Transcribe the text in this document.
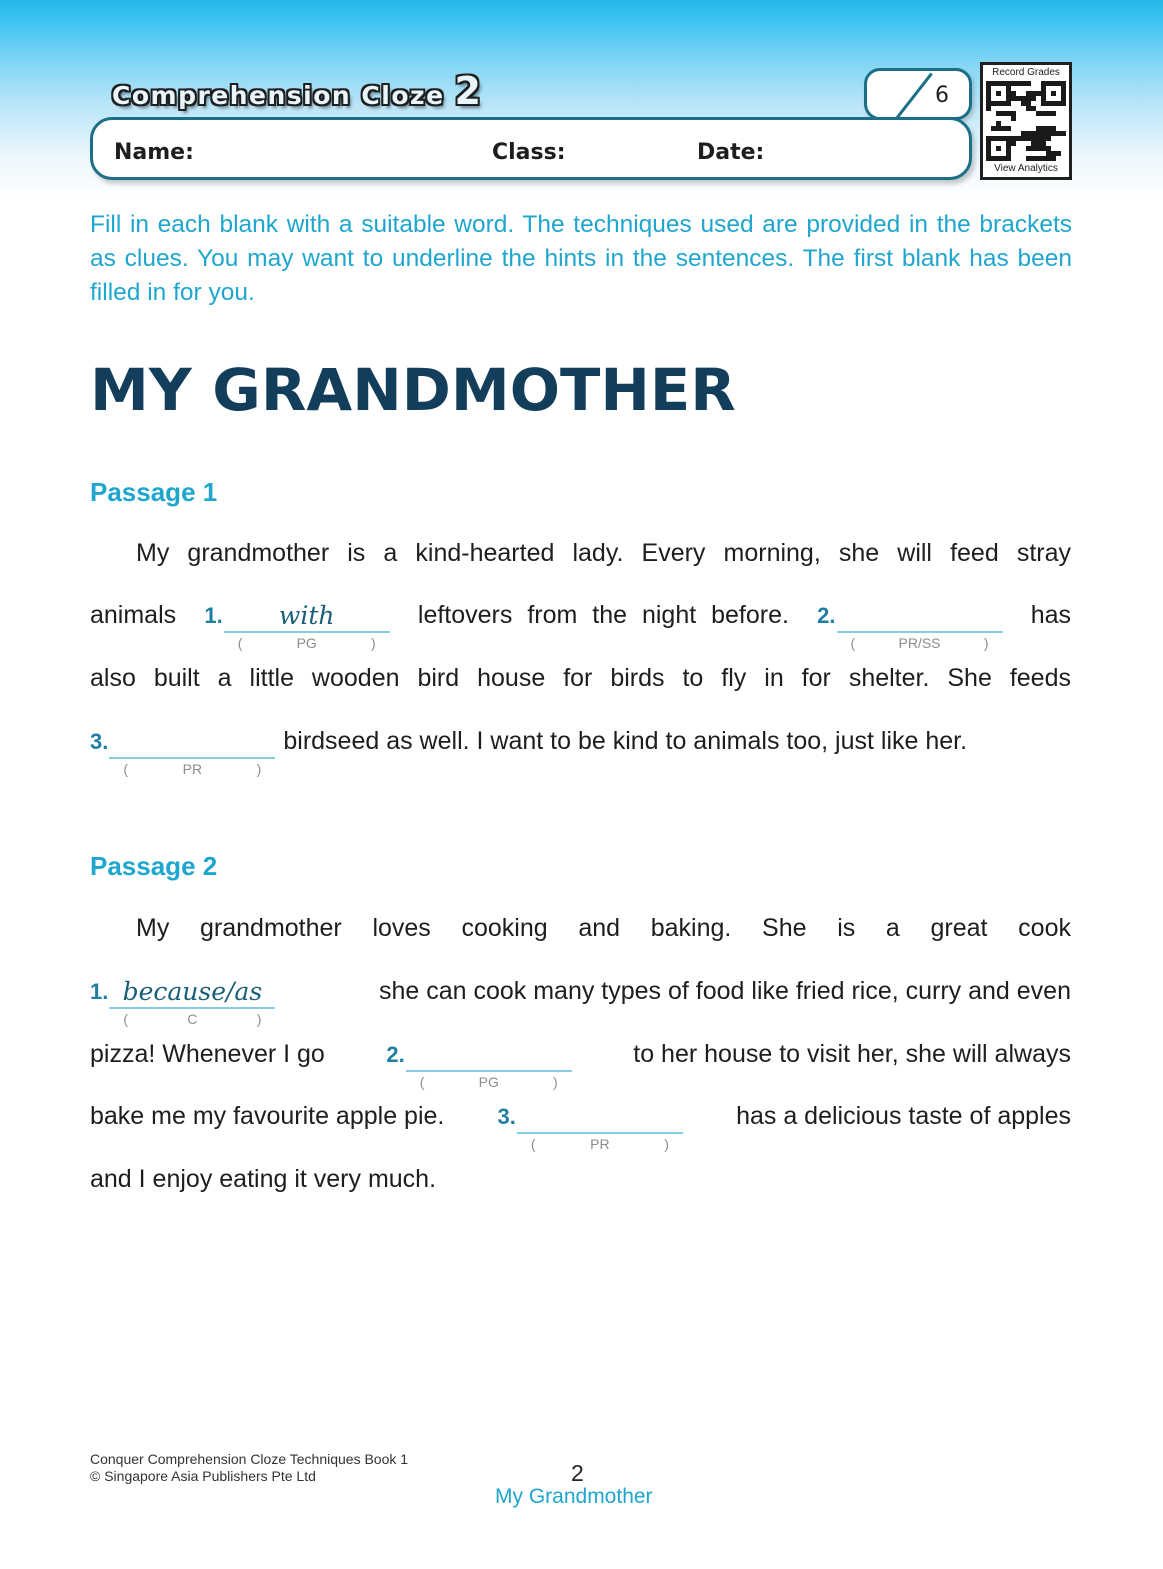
Comprehension Cloze 2	6
Name:	Class:	Date:
Record Grades
View Analytics

Fill in each blank with a suitable word. The techniques used are provided in the brackets as clues. You may want to underline the hints in the sentences. The first blank has been filled in for you.

MY GRANDMOTHER
Passage 1
My grandmother is a kind-hearted lady. Every morning, she will feed stray
animals 1.	with
(	PG	)
leftovers from the night before. 2.
(	PR/SS	)
has
also built a little wooden bird house for birds to fly in for shelter. She feeds
3.
(	PR	)
birdseed as well. I want to be kind to animals too, just like her.
Passage 2
My grandmother loves cooking and baking. She is a great cook
1. because/as
(	C	)
she can cook many types of food like fried rice, curry and even
pizza! Whenever I go	2.
(	PG	)
to her house to visit her, she will always
bake me my favourite apple pie. 3.
(	PR	)
has a delicious taste of apples
and I enjoy eating it very much.
Conquer Comprehension Cloze Techniques Book 1
© Singapore Asia Publishers Pte Ltd	2
My Grandmother
